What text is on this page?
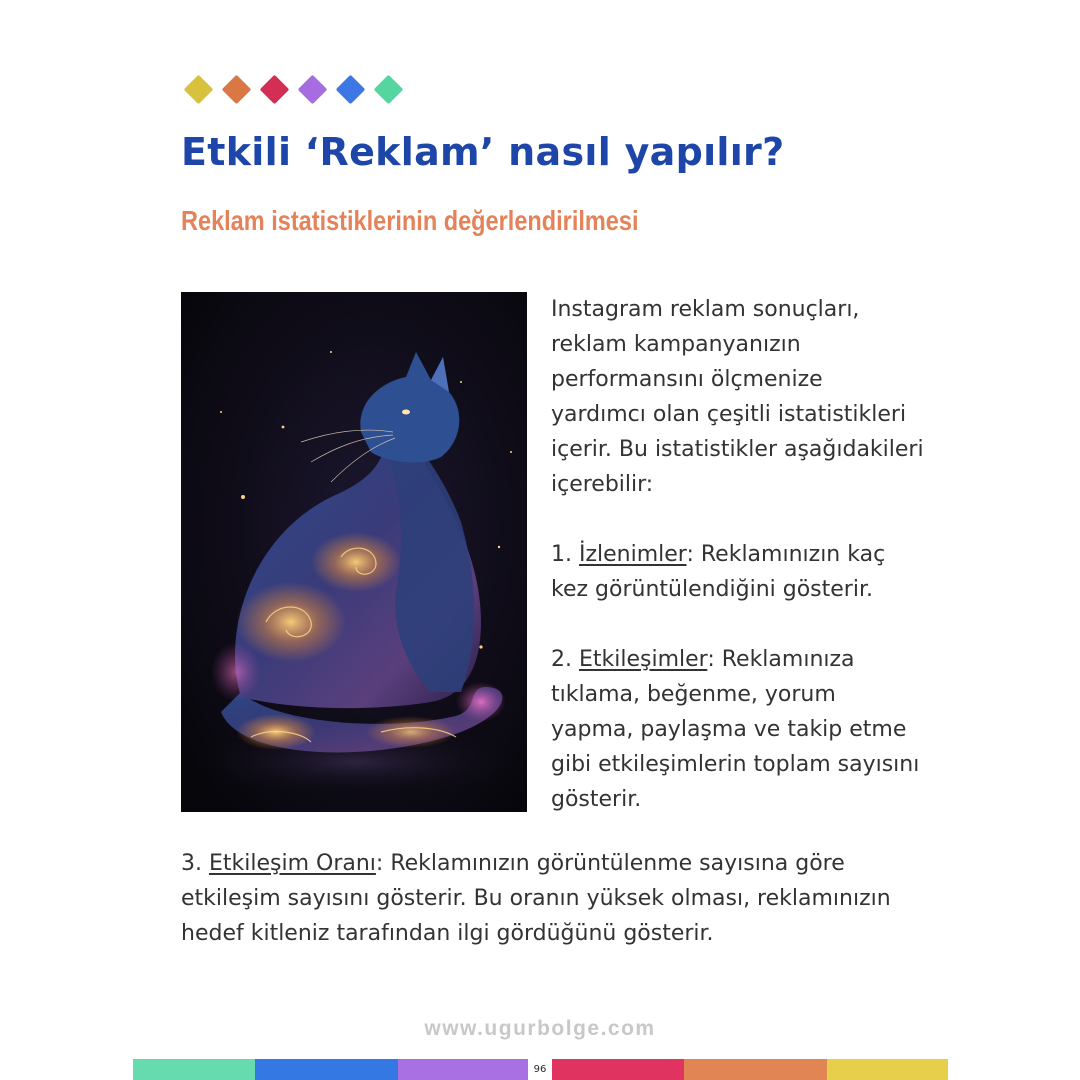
Etkili ‘Reklam’ nasıl yapılır?
Reklam istatistiklerinin değerlendirilmesi

Instagram reklam sonuçları,
reklam kampanyanızın
performansını ölçmenize
yardımcı olan çeşitli istatistikleri
içerir. Bu istatistikler aşağıdakileri
içerebilir:

1. İzlenimler: Reklamınızın kaç
kez görüntülendiğini gösterir.

2. Etkileşimler: Reklamınıza
tıklama, beğenme, yorum
yapma, paylaşma ve takip etme
gibi etkileşimlerin toplam sayısını
gösterir.

3. Etkileşim Oranı: Reklamınızın görüntülenme sayısına göre
etkileşim sayısını gösterir. Bu oranın yüksek olması, reklamınızın
hedef kitleniz tarafından ilgi gördüğünü gösterir.

www.ugurbolge.com
96
